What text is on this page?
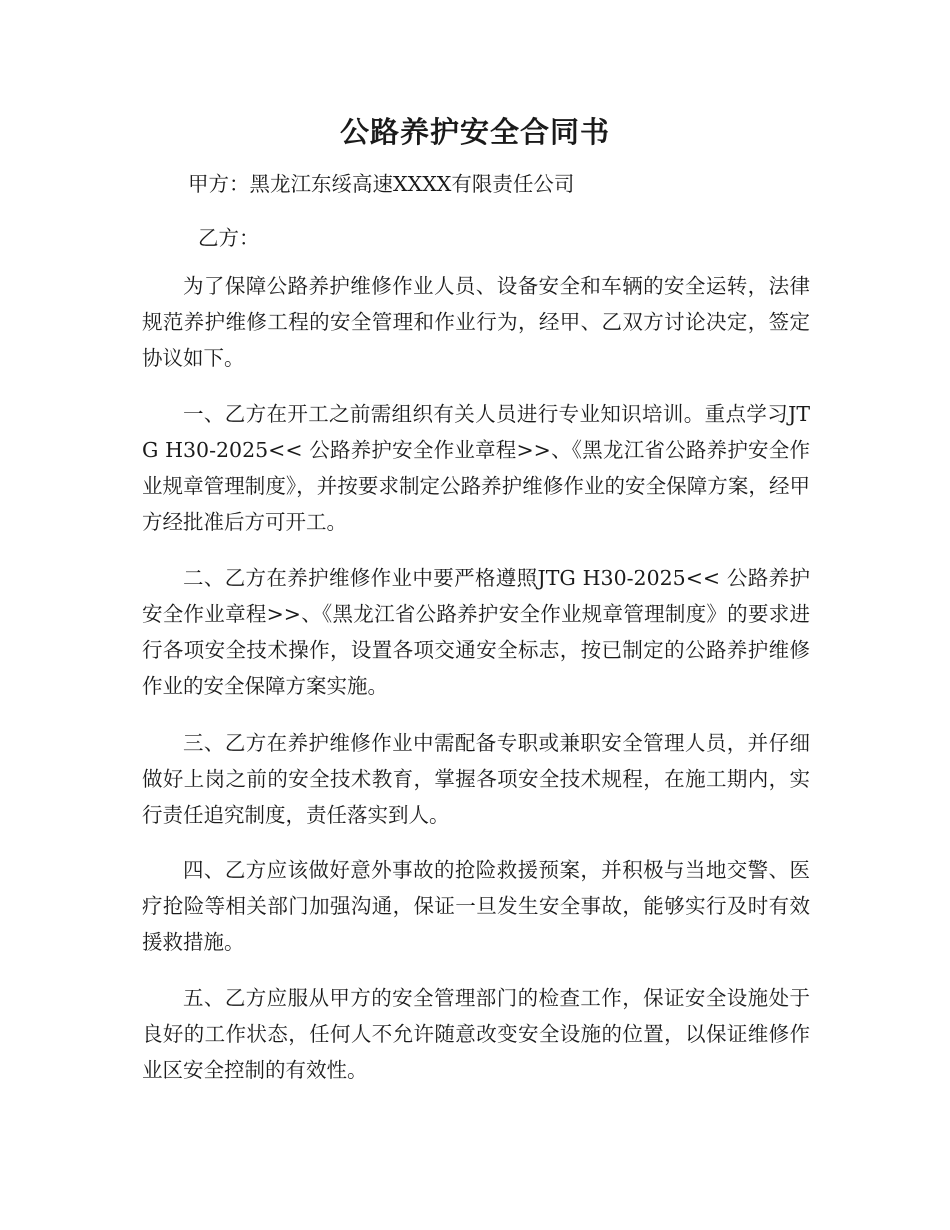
公路养护安全合同书
甲方：黑龙江东绥高速XXXX有限责任公司
乙方：
为了保障公路养护维修作业人员、设备安全和车辆的安全运转，法律规范养护维修工程的安全管理和作业行为，经甲、乙双方讨论决定，签定协议如下。
一、乙方在开工之前需组织有关人员进行专业知识培训。重点学习JTG H30-2025<< 公路养护安全作业章程>>、《黑龙江省公路养护安全作业规章管理制度》，并按要求制定公路养护维修作业的安全保障方案，经甲方经批准后方可开工。
二、乙方在养护维修作业中要严格遵照JTG H30-2025<< 公路养护安全作业章程>>、《黑龙江省公路养护安全作业规章管理制度》的要求进行各项安全技术操作，设置各项交通安全标志，按已制定的公路养护维修作业的安全保障方案实施。
三、乙方在养护维修作业中需配备专职或兼职安全管理人员，并仔细做好上岗之前的安全技术教育，掌握各项安全技术规程，在施工期内，实行责任追究制度，责任落实到人。
四、乙方应该做好意外事故的抢险救援预案，并积极与当地交警、医疗抢险等相关部门加强沟通，保证一旦发生安全事故，能够实行及时有效援救措施。
五、乙方应服从甲方的安全管理部门的检查工作，保证安全设施处于良好的工作状态，任何人不允许随意改变安全设施的位置，以保证维修作业区安全控制的有效性。
